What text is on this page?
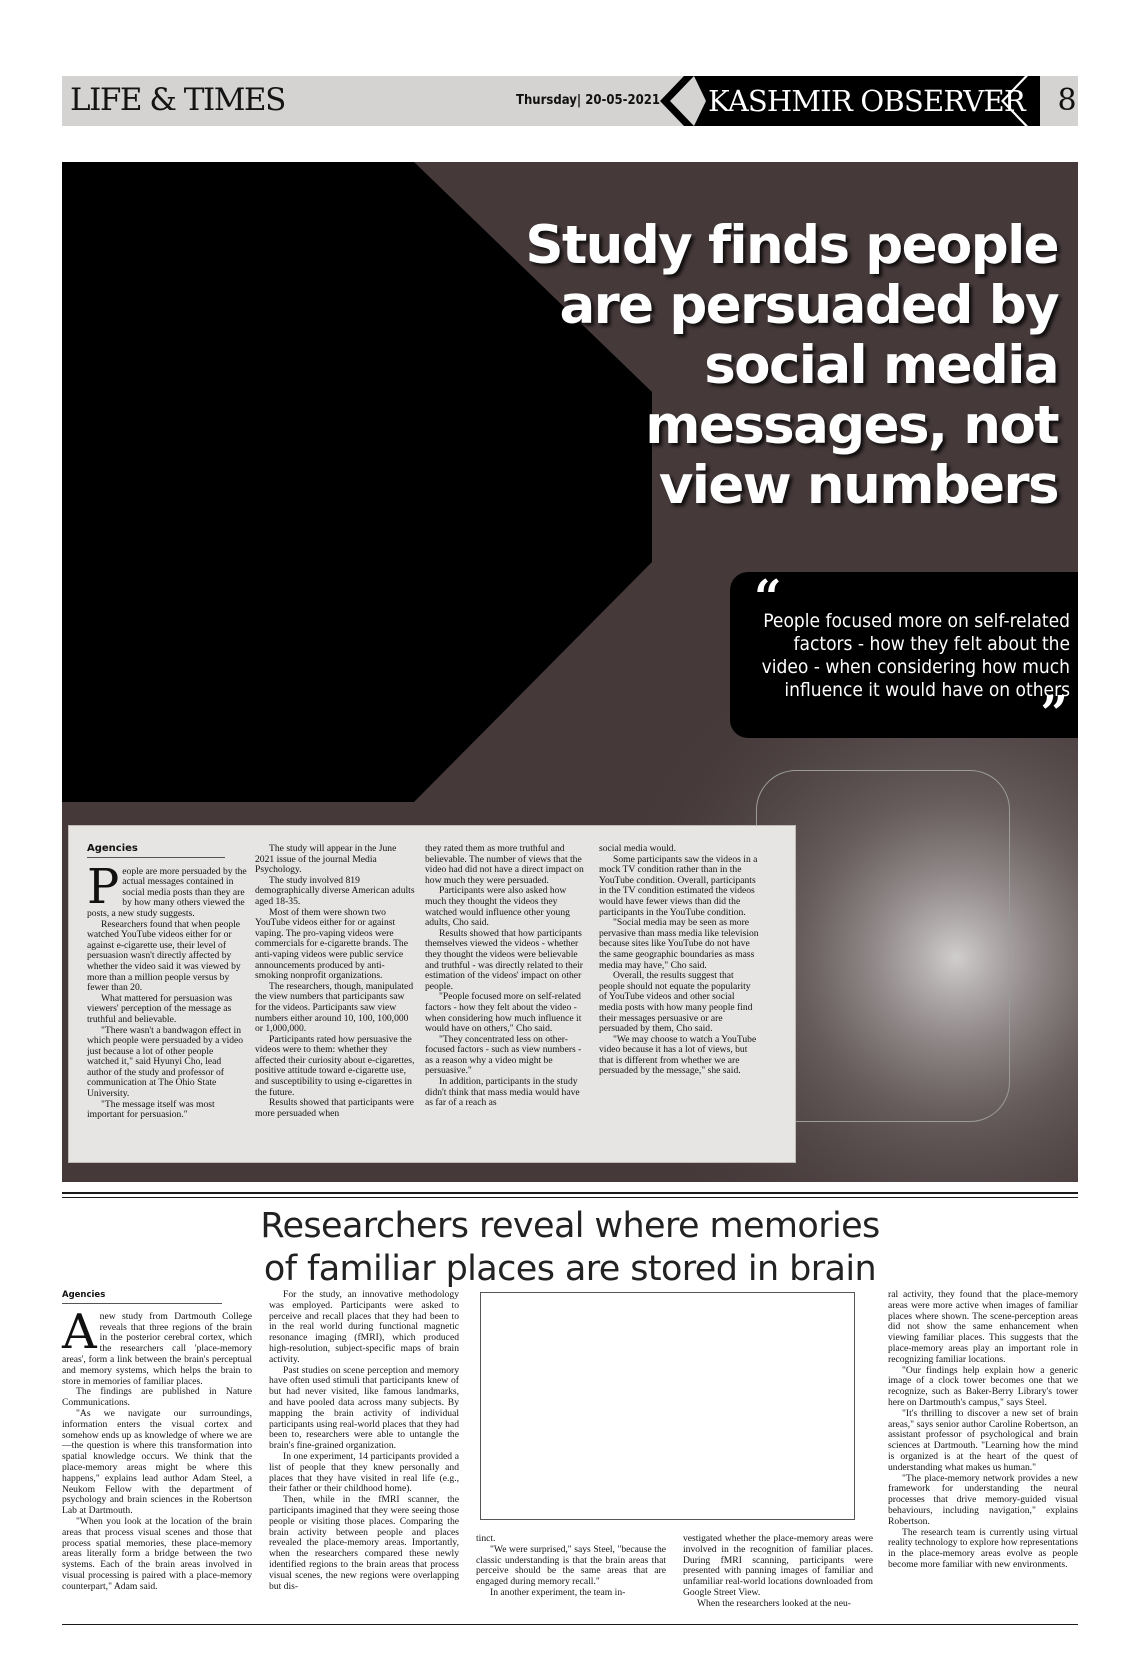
LIFE & TIMES	Thursday| 20-05-2021 KASHMIR OBSERVER 8
Study finds people are persuaded by social media messages, not view numbers
“
People focused more on self-related factors - how they felt about the video - when considering how much influence it would have on others
”
Agencies

People are more persuaded by the actual messages contained in social media posts than they are by how many others viewed the posts, a new study suggests.

Researchers found that when people watched YouTube videos either for or against e-cigarette use, their level of persuasion wasn't directly affected by whether the video said it was viewed by more than a million people versus by fewer than 20.

What mattered for persuasion was viewers' perception of the message as truthful and believable.

"There wasn't a bandwagon effect in which people were persuaded by a video just because a lot of other people watched it," said Hyunyi Cho, lead author of the study and professor of communication at The Ohio State University.

"The message itself was most important for persuasion."

The study will appear in the June 2021 issue of the journal Media Psychology.

The study involved 819 demographically diverse American adults aged 18-35.

Most of them were shown two YouTube videos either for or against vaping. The pro-vaping videos were commercials for e-cigarette brands. The anti-vaping videos were public service announcements produced by anti-smoking nonprofit organizations.

The researchers, though, manipulated the view numbers that participants saw for the videos. Participants saw view numbers either around 10, 100, 100,000 or 1,000,000.

Participants rated how persuasive the videos were to them: whether they affected their curiosity about e-cigarettes, positive attitude toward e-cigarette use, and susceptibility to using e-cigarettes in the future.

Results showed that participants were more persuaded when

they rated them as more truthful and believable. The number of views that the video had did not have a direct impact on how much they were persuaded.

Participants were also asked how much they thought the videos they watched would influence other young adults, Cho said.

Results showed that how participants themselves viewed the videos - whether they thought the videos were believable and truthful - was directly related to their estimation of the videos' impact on other people.

"People focused more on self-related factors - how they felt about the video - when considering how much influence it would have on others," Cho said.

"They concentrated less on other-focused factors - such as view numbers - as a reason why a video might be persuasive."

In addition, participants in the study didn't think that mass media would have as far of a reach as

social media would.

Some participants saw the videos in a mock TV condition rather than in the YouTube condition. Overall, participants in the TV condition estimated the videos would have fewer views than did the participants in the YouTube condition.

"Social media may be seen as more pervasive than mass media like television because sites like YouTube do not have the same geographic boundaries as mass media may have," Cho said.

Overall, the results suggest that people should not equate the popularity of YouTube videos and other social media posts with how many people find their messages persuasive or are persuaded by them, Cho said.

"We may choose to watch a YouTube video because it has a lot of views, but that is different from whether we are persuaded by the message," she said.

Researchers reveal where memories
of familiar places are stored in brain
Agencies

Anew study from Dartmouth College reveals that three regions of the brain in the posterior cerebral cortex, which the researchers call 'place-memory areas', form a link between the brain's perceptual and memory systems, which helps the brain to store in memories of familiar places.

The findings are published in Nature Communications.

"As we navigate our surroundings, information enters the visual cortex and somehow ends up as knowledge of where we are—the question is where this transformation into spatial knowledge occurs. We think that the place-memory areas might be where this happens," explains lead author Adam Steel, a Neukom Fellow with the department of psychology and brain sciences in the Robertson Lab at Dartmouth.

"When you look at the location of the brain areas that process visual scenes and those that process spatial memories, these place-memory areas literally form a bridge between the two systems. Each of the brain areas involved in visual processing is paired with a place-memory counterpart," Adam said.

For the study, an innovative methodology was employed. Participants were asked to perceive and recall places that they had been to in the real world during functional magnetic resonance imaging (fMRI), which produced high-resolution, subject-specific maps of brain activity.

Past studies on scene perception and memory have often used stimuli that participants knew of but had never visited, like famous landmarks, and have pooled data across many subjects. By mapping the brain activity of individual participants using real-world places that they had been to, researchers were able to untangle the brain's fine-grained organization.

In one experiment, 14 participants provided a list of people that they knew personally and places that they have visited in real life (e.g., their father or their childhood home).

Then, while in the fMRI scanner, the participants imagined that they were seeing those people or visiting those places. Comparing the brain activity between people and places revealed the place-memory areas. Importantly, when the researchers compared these newly identified regions to the brain areas that process visual scenes, the new regions were overlapping but dis-

tinct.

"We were surprised," says Steel, "because the classic understanding is that the brain areas that perceive should be the same areas that are engaged during memory recall."

In another experiment, the team in-

vestigated whether the place-memory areas were involved in the recognition of familiar places. During fMRI scanning, participants were presented with panning images of familiar and unfamiliar real-world locations downloaded from Google Street View.

When the researchers looked at the neu-

ral activity, they found that the place-memory areas were more active when images of familiar places where shown. The scene-perception areas did not show the same enhancement when viewing familiar places. This suggests that the place-memory areas play an important role in recognizing familiar locations.

"Our findings help explain how a generic image of a clock tower becomes one that we recognize, such as Baker-Berry Library's tower here on Dartmouth's campus," says Steel.

"It's thrilling to discover a new set of brain areas," says senior author Caroline Robertson, an assistant professor of psychological and brain sciences at Dartmouth. "Learning how the mind is organized is at the heart of the quest of understanding what makes us human."

"The place-memory network provides a new framework for understanding the neural processes that drive memory-guided visual behaviours, including navigation," explains Robertson.

The research team is currently using virtual reality technology to explore how representations in the place-memory areas evolve as people become more familiar with new environments.
